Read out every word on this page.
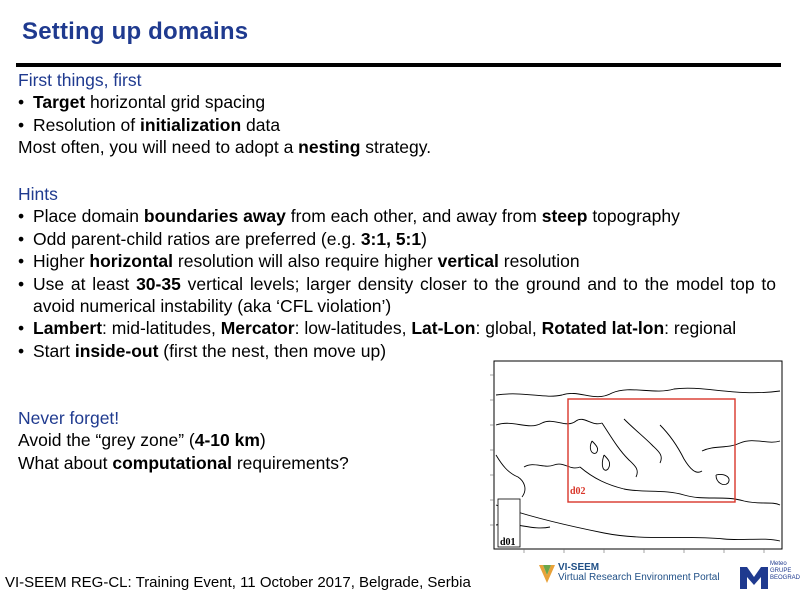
Setting up domains
First things, first
• Target horizontal grid spacing
• Resolution of initialization data
Most often, you will need to adopt a nesting strategy.
Hints
• Place domain boundaries away from each other, and away from steep topography
• Odd parent-child ratios are preferred (e.g. 3:1, 5:1)
• Higher horizontal resolution will also require higher vertical resolution
• Use at least 30-35 vertical levels; larger density closer to the ground and to the model top to avoid numerical instability (aka ‘CFL violation’)
• Lambert: mid-latitudes, Mercator: low-latitudes, Lat-Lon: global, Rotated lat-lon: regional
• Start inside-out (first the nest, then move up)
Never forget!
Avoid the “grey zone” (4-10 km)
What about computational requirements?
d02
d01
VI-SEEM REG-CL: Training Event, 11 October 2017, Belgrade, Serbia
VI-SEEM
Virtual Research Environment Portal
Meteo
GRUPE
BEOGRAD
